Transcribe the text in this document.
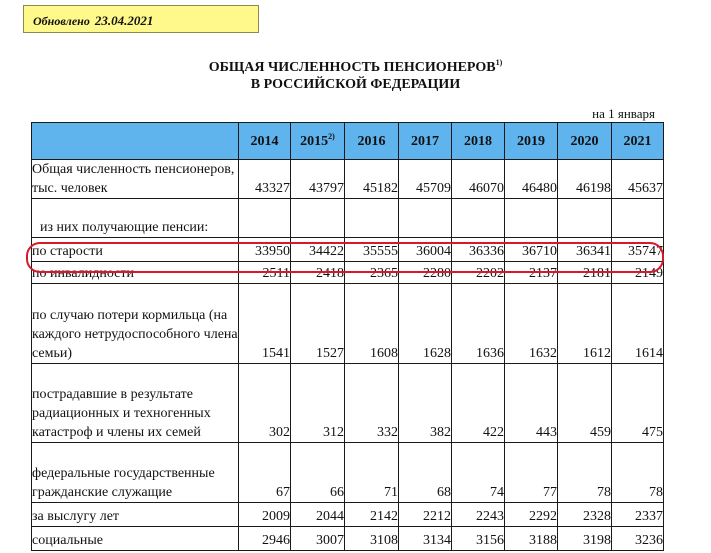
Обновлено 23.04.2021
ОБЩАЯ ЧИСЛЕННОСТЬ ПЕНСИОНЕРОВ$^{1)}$
В РОССИЙСКОЙ ФЕДЕРАЦИИ
на 1 января
	2014	2015$^{2)}$	2016	2017	2018	2019	2020	2021
Общая численность пенсионеров, тыс. человек	43327	43797	45182	45709	46070	46480	46198	45637
из них получающие пенсии:								
по старости	33950	34422	35555	36004	36336	36710	36341	35747
по инвалидности	2511	2418	2365	2280	2202	2137	2181	2149
по случаю потери кормильца (на каждого нетрудоспособного члена семьи)	1541	1527	1608	1628	1636	1632	1612	1614
пострадавшие в результате радиационных и техногенных катастроф и члены их семей	302	312	332	382	422	443	459	475
федеральные государственные гражданские служащие	67	66	71	68	74	77	78	78
за выслугу лет	2009	2044	2142	2212	2243	2292	2328	2337
социальные	2946	3007	3108	3134	3156	3188	3198	3236
